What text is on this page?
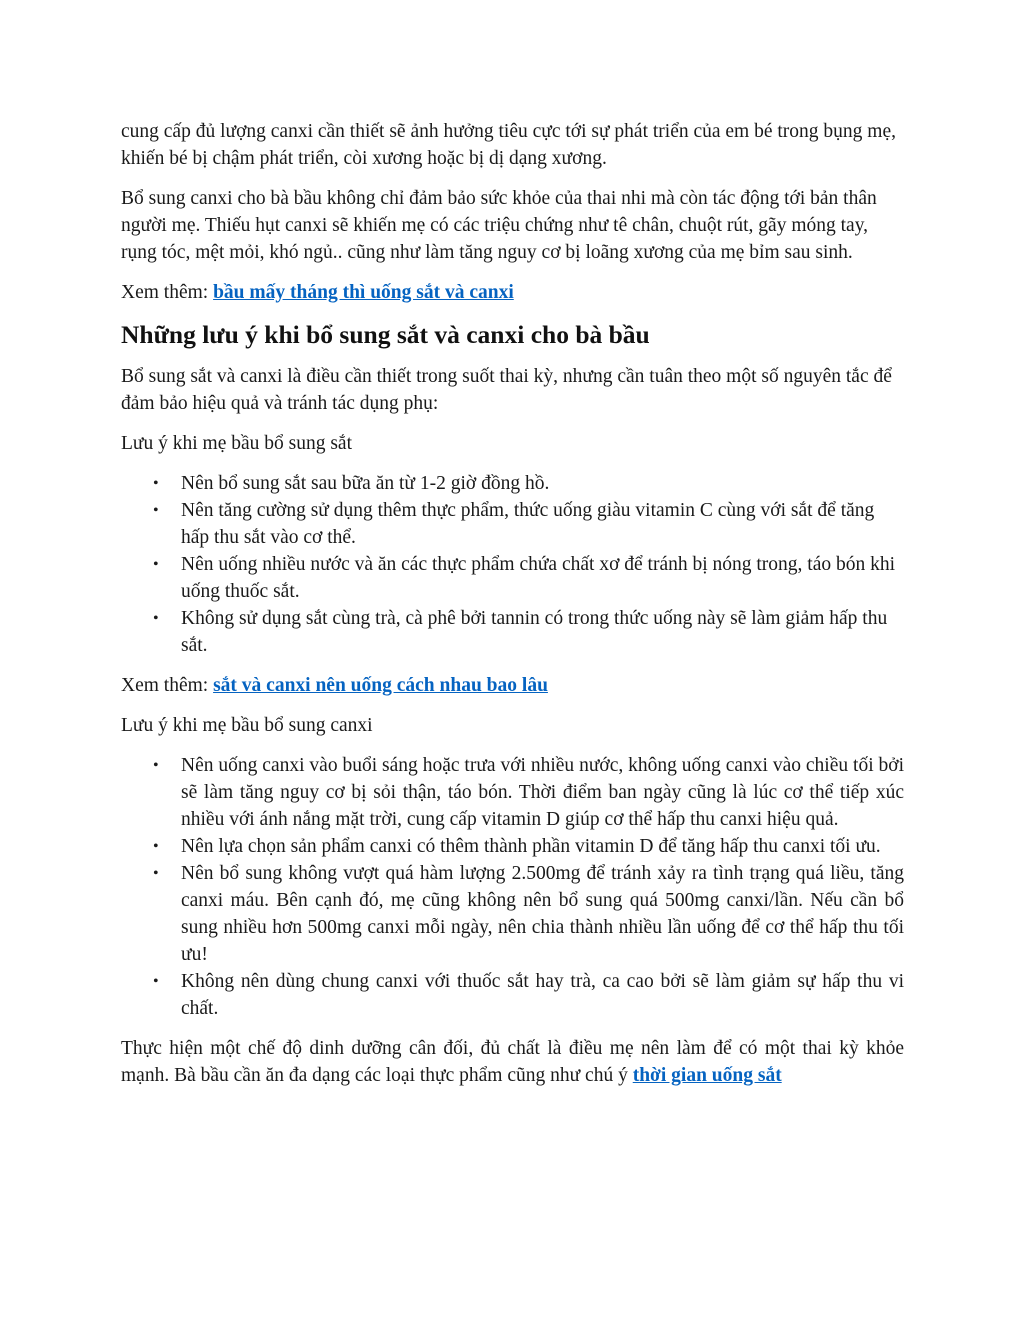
cung cấp đủ lượng canxi cần thiết sẽ ảnh hưởng tiêu cực tới sự phát triển của em bé trong bụng mẹ, khiến bé bị chậm phát triển, còi xương hoặc bị dị dạng xương.

Bổ sung canxi cho bà bầu không chỉ đảm bảo sức khỏe của thai nhi mà còn tác động tới bản thân người mẹ. Thiếu hụt canxi sẽ khiến mẹ có các triệu chứng như tê chân, chuột rút, gãy móng tay, rụng tóc, mệt mỏi, khó ngủ.. cũng như làm tăng nguy cơ bị loãng xương của mẹ bỉm sau sinh.

Xem thêm: bầu mấy tháng thì uống sắt và canxi

Những lưu ý khi bổ sung sắt và canxi cho bà bầu

Bổ sung sắt và canxi là điều cần thiết trong suốt thai kỳ, nhưng cần tuân theo một số nguyên tắc để đảm bảo hiệu quả và tránh tác dụng phụ:

Lưu ý khi mẹ bầu bổ sung sắt

• Nên bổ sung sắt sau bữa ăn từ 1-2 giờ đồng hồ.
• Nên tăng cường sử dụng thêm thực phẩm, thức uống giàu vitamin C cùng với sắt để tăng hấp thu sắt vào cơ thể.
• Nên uống nhiều nước và ăn các thực phẩm chứa chất xơ để tránh bị nóng trong, táo bón khi uống thuốc sắt.
• Không sử dụng sắt cùng trà, cà phê bởi tannin có trong thức uống này sẽ làm giảm hấp thu sắt.

Xem thêm: sắt và canxi nên uống cách nhau bao lâu

Lưu ý khi mẹ bầu bổ sung canxi

• Nên uống canxi vào buổi sáng hoặc trưa với nhiều nước, không uống canxi vào chiều tối bởi sẽ làm tăng nguy cơ bị sỏi thận, táo bón. Thời điểm ban ngày cũng là lúc cơ thể tiếp xúc nhiều với ánh nắng mặt trời, cung cấp vitamin D giúp cơ thể hấp thu canxi hiệu quả.
• Nên lựa chọn sản phẩm canxi có thêm thành phần vitamin D để tăng hấp thu canxi tối ưu.
• Nên bổ sung không vượt quá hàm lượng 2.500mg để tránh xảy ra tình trạng quá liều, tăng canxi máu. Bên cạnh đó, mẹ cũng không nên bổ sung quá 500mg canxi/lần. Nếu cần bổ sung nhiều hơn 500mg canxi mỗi ngày, nên chia thành nhiều lần uống để cơ thể hấp thu tối ưu!
• Không nên dùng chung canxi với thuốc sắt hay trà, ca cao bởi sẽ làm giảm sự hấp thu vi chất.

Thực hiện một chế độ dinh dưỡng cân đối, đủ chất là điều mẹ nên làm để có một thai kỳ khỏe mạnh. Bà bầu cần ăn đa dạng các loại thực phẩm cũng như chú ý thời gian uống sắt
